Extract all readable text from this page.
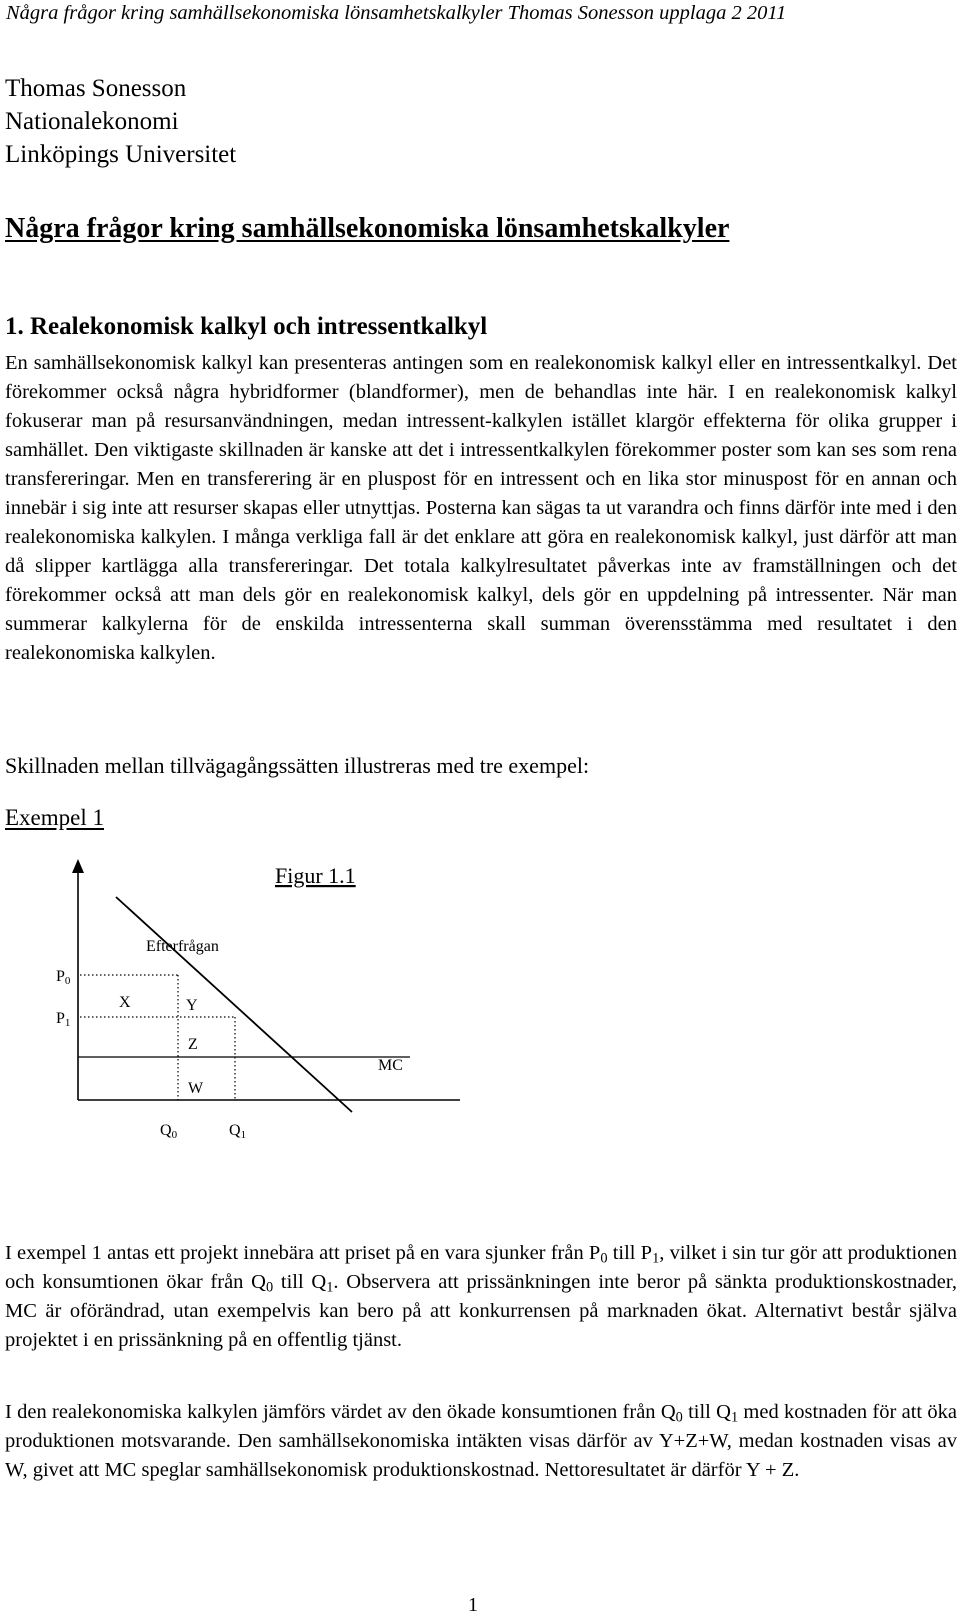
Några frågor kring samhällsekonomiska lönsamhetskalkyler Thomas Sonesson upplaga 2 2011
Thomas Sonesson
Nationalekonomi
Linköpings Universitet
Några frågor kring samhällsekonomiska lönsamhetskalkyler
1. Realekonomisk kalkyl och intressentkalkyl

En samhällsekonomisk kalkyl kan presenteras antingen som en realekonomisk kalkyl eller en intressentkalkyl. Det förekommer också några hybridformer (blandformer), men de behandlas inte här. I en realekonomisk kalkyl fokuserar man på resursanvändningen, medan intressent-kalkylen istället klargör effekterna för olika grupper i samhället. Den viktigaste skillnaden är kanske att det i intressentkalkylen förekommer poster som kan ses som rena transfereringar. Men en transferering är en pluspost för en intressent och en lika stor minuspost för en annan och innebär i sig inte att resurser skapas eller utnyttjas. Posterna kan sägas ta ut varandra och finns därför inte med i den realekonomiska kalkylen. I många verkliga fall är det enklare att göra en realekonomisk kalkyl, just därför att man då slipper kartlägga alla transfereringar. Det totala kalkylresultatet påverkas inte av framställningen och det förekommer också att man dels gör en realekonomisk kalkyl, dels gör en uppdelning på intressenter. När man summerar kalkylerna för de enskilda intressenterna skall summan överensstämma med resultatet i den realekonomiska kalkylen.

Skillnaden mellan tillvägagångssätten illustreras med tre exempel:

Exempel 1
Figur 1.1
Efterfrågan
MC
P0
P1
X	Y
Z
W
Q0	Q1

I exempel 1 antas ett projekt innebära att priset på en vara sjunker från $P_0$ till $P_1$, vilket i sin tur gör att produktionen och konsumtionen ökar från $Q_0$ till $Q_1$. Observera att prissänkningen inte beror på sänkta produktionskostnader, MC är oförändrad, utan exempelvis kan bero på att konkurrensen på marknaden ökat. Alternativt består själva projektet i en prissänkning på en offentlig tjänst.

I den realekonomiska kalkylen jämförs värdet av den ökade konsumtionen från $Q_0$ till $Q_1$ med kostnaden för att öka produktionen motsvarande. Den samhällsekonomiska intäkten visas därför av Y+Z+W, medan kostnaden visas av W, givet att MC speglar samhällsekonomisk produktionskostnad. Nettoresultatet är därför Y + Z.

1
